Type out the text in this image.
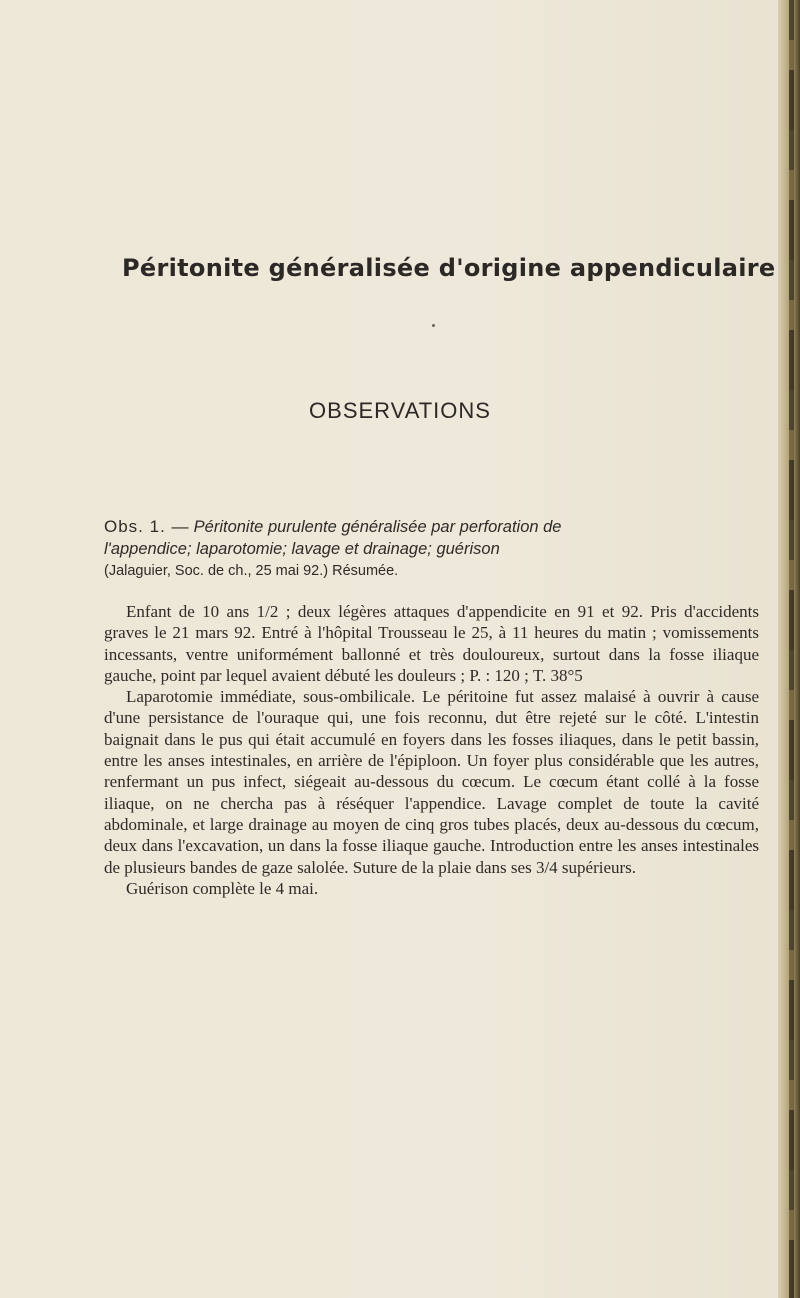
Péritonite généralisée d'origine appendiculaire
OBSERVATIONS
Obs. 1. — Péritonite purulente généralisée par perforation de
l'appendice; laparotomie; lavage et drainage; guérison
(Jalaguier, Soc. de ch., 25 mai 92.) Résumée.

Enfant de 10 ans 1/2 ; deux légères attaques d'appendicite en 91 et 92. Pris d'accidents graves le 21 mars 92. Entré à l'hôpital Trousseau le 25, à 11 heures du matin ; vomissements incessants, ventre uniformément ballonné et très douloureux, surtout dans la fosse iliaque gauche, point par lequel avaient débuté les douleurs ; P. : 120 ; T. 38°5

Laparotomie immédiate, sous-ombilicale. Le péritoine fut assez malaisé à ouvrir à cause d'une persistance de l'ouraque qui, une fois reconnu, dut être rejeté sur le côté. L'intestin baignait dans le pus qui était accumulé en foyers dans les fosses iliaques, dans le petit bassin, entre les anses intestinales, en arrière de l'épiploon. Un foyer plus considérable que les autres, renfermant un pus infect, siégeait au-dessous du cœcum. Le cœcum étant collé à la fosse iliaque, on ne chercha pas à réséquer l'appendice. Lavage complet de toute la cavité abdominale, et large drainage au moyen de cinq gros tubes placés, deux au-dessous du cœcum, deux dans l'excavation, un dans la fosse iliaque gauche. Introduction entre les anses intestinales de plusieurs bandes de gaze salolée. Suture de la plaie dans ses 3/4 supérieurs.

Guérison complète le 4 mai.
